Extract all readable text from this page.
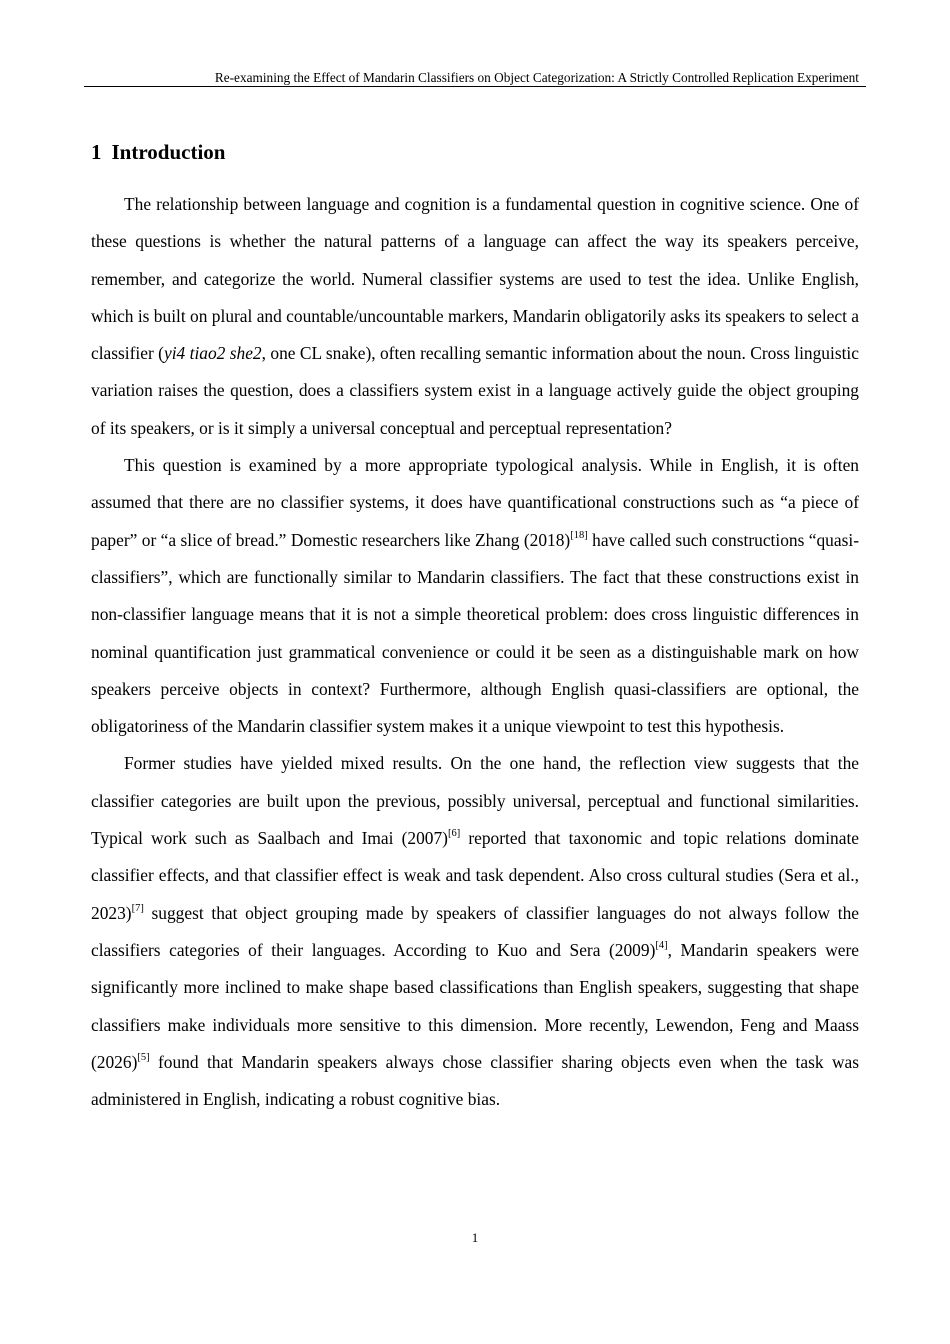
Re-examining the Effect of Mandarin Classifiers on Object Categorization: A Strictly Controlled Replication Experiment
1 Introduction

The relationship between language and cognition is a fundamental question in cognitive science. One of these questions is whether the natural patterns of a language can affect the way its speakers perceive, remember, and categorize the world. Numeral classifier systems are used to test the idea. Unlike English, which is built on plural and countable/uncountable markers, Mandarin obligatorily asks its speakers to select a classifier (yi4 tiao2 she2, one CL snake), often recalling semantic information about the noun. Cross linguistic variation raises the question, does a classifiers system exist in a language actively guide the object grouping of its speakers, or is it simply a universal conceptual and perceptual representation?

This question is examined by a more appropriate typological analysis. While in English, it is often assumed that there are no classifier systems, it does have quantificational constructions such as “a piece of paper” or “a slice of bread.” Domestic researchers like Zhang (2018)[18] have called such constructions “quasi-classifiers”, which are functionally similar to Mandarin classifiers. The fact that these constructions exist in non-classifier language means that it is not a simple theoretical problem: does cross linguistic differences in nominal quantification just grammatical convenience or could it be seen as a distinguishable mark on how speakers perceive objects in context? Furthermore, although English quasi-classifiers are optional, the obligatoriness of the Mandarin classifier system makes it a unique viewpoint to test this hypothesis.

Former studies have yielded mixed results. On the one hand, the reflection view suggests that the classifier categories are built upon the previous, possibly universal, perceptual and functional similarities. Typical work such as Saalbach and Imai (2007)[6] reported that taxonomic and topic relations dominate classifier effects, and that classifier effect is weak and task dependent. Also cross cultural studies (Sera et al., 2023)[7] suggest that object grouping made by speakers of classifier languages do not always follow the classifiers categories of their languages. According to Kuo and Sera (2009)[4], Mandarin speakers were significantly more inclined to make shape based classifications than English speakers, suggesting that shape classifiers make individuals more sensitive to this dimension. More recently, Lewendon, Feng and Maass (2026)[5] found that Mandarin speakers always chose classifier sharing objects even when the task was administered in English, indicating a robust cognitive bias.

1
